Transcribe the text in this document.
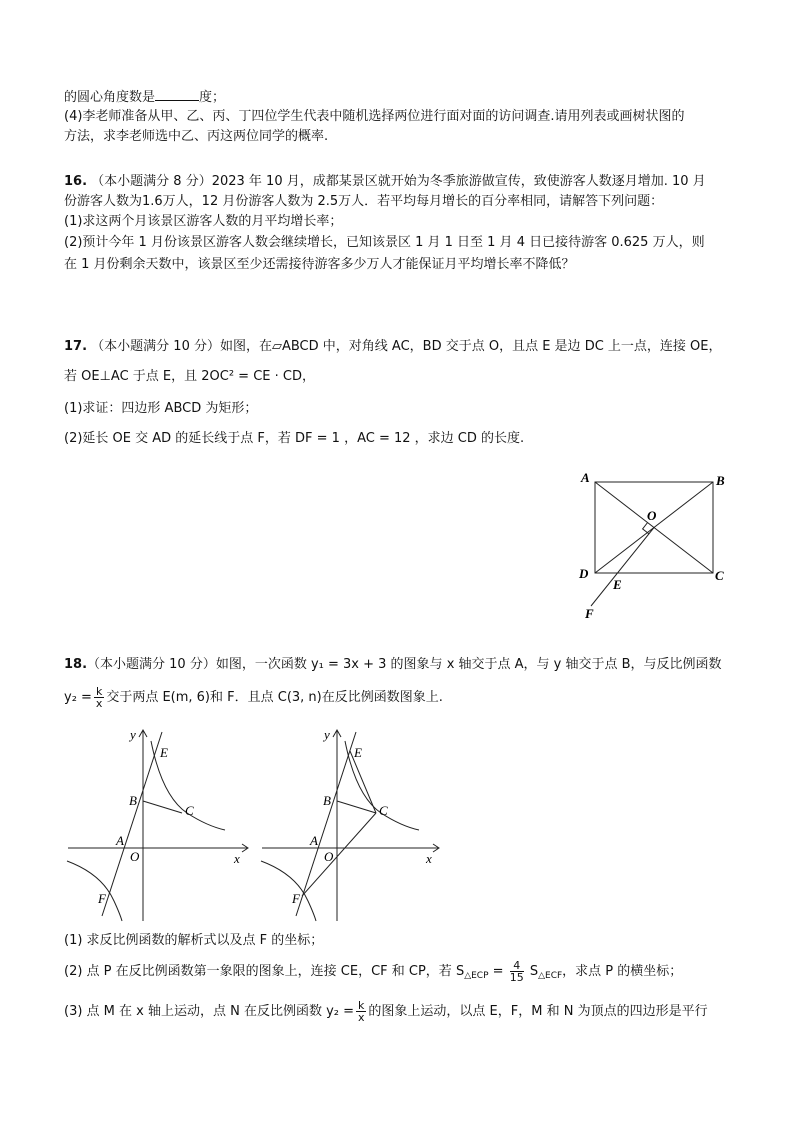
的圆心角度数是	度；
(4)李老师准备从甲、乙、丙、丁四位学生代表中随机选择两位进行面对面的访问调查.请用列表或画树状图的
方法，求李老师选中乙、丙这两位同学的概率.
16. （本小题满分 8 分）2023 年 10 月，成都某景区就开始为冬季旅游做宣传，致使游客人数逐月增加. 10 月
份游客人数为1.6万人，12 月份游客人数为 2.5万人．若平均每月增长的百分率相同，请解答下列问题：
(1)求这两个月该景区游客人数的月平均增长率；
(2)预计今年 1 月份该景区游客人数会继续增长，已知该景区 1 月 1 日至 1 月 4 日已接待游客 0.625 万人，则
在 1 月份剩余天数中，该景区至少还需接待游客多少万人才能保证月平均增长率不降低？
17. （本小题满分 10 分）如图，在▱ABCD 中，对角线 AC，BD 交于点 O，且点 E 是边 DC 上一点，连接 OE，
若 OE⊥AC 于点 E，且 2OC² = CE · CD，
(1)求证：四边形 ABCD 为矩形；
(2)延长 OE 交 AD 的延长线于点 F，若 DF = 1 ，AC = 12 ，求边 CD 的长度.
A	B
C
D
O
E
F
18.（本小题满分 10 分）如图，一次函数 y₁ = 3x + 3 的图象与 x 轴交于点 A，与 y 轴交于点 B，与反比例函数
$y_2 = \frac{k}{x}$ 交于两点 E(m, 6)和 F．且点 C(3, n)在反比例函数图象上.
y
x
E
B
C
A
O
F
y
x
E
B
C
A
O
F
(1) 求反比例函数的解析式以及点 F 的坐标；
(2) 点 P 在反比例函数第一象限的图象上，连接 CE，CF 和 CP，若 $S_{\triangle ECP} = \frac{4}{15} S_{\triangle ECF}$，求点 P 的横坐标；
(3) 点 M 在 x 轴上运动，点 N 在反比例函数 $y_2 = \frac{k}{x}$ 的图象上运动，以点 E，F，M 和 N 为顶点的四边形是平行
